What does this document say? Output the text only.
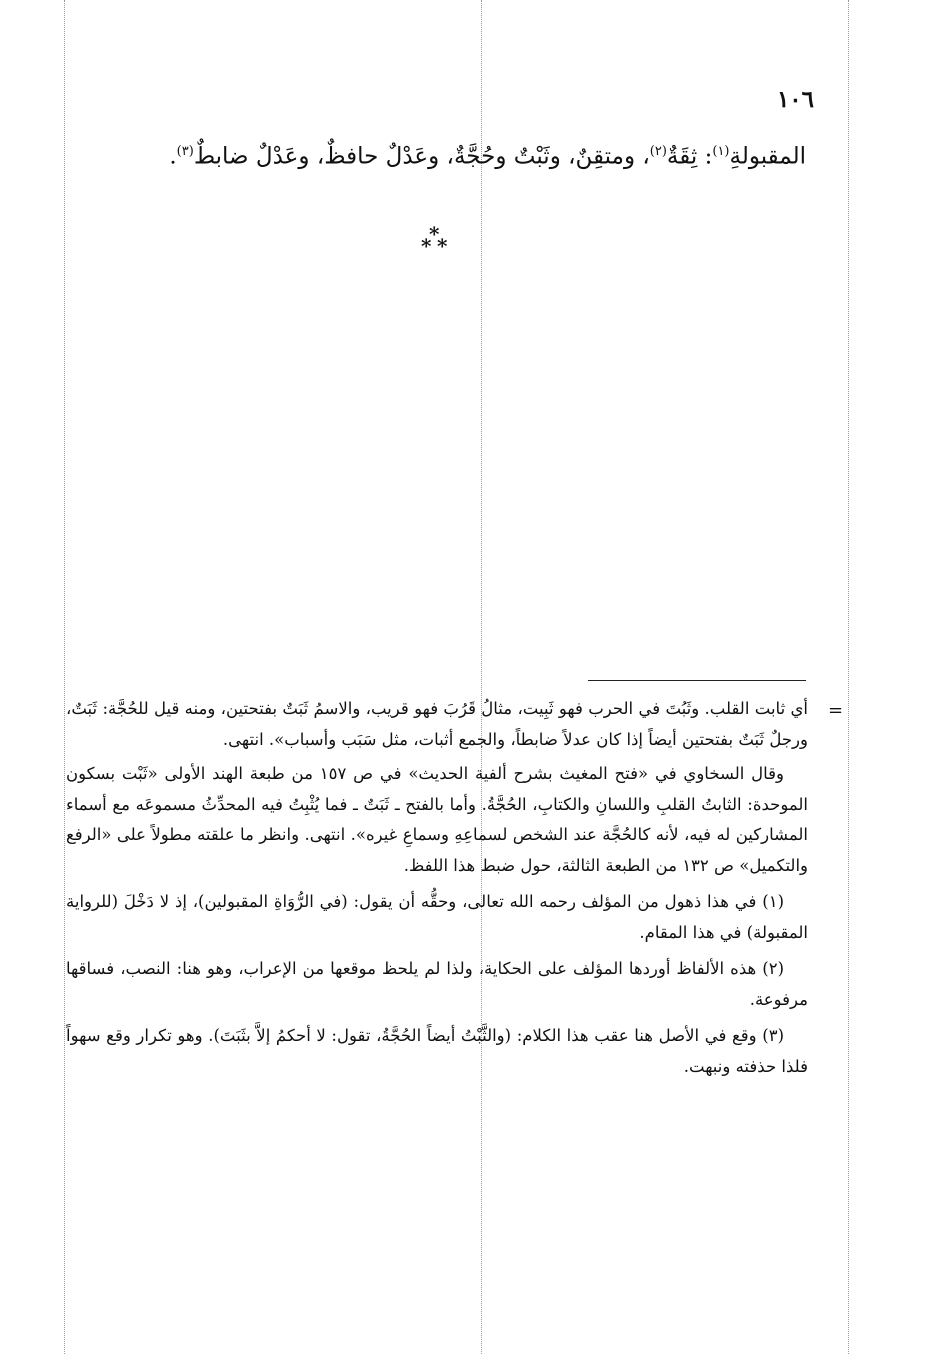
١٠٦
المقبولةِ$^{(١)}$: ثِقَةٌ$^{(٢)}$، ومتقِنٌ، وثَبْتٌ وحُجَّةٌ، وعَدْلٌ حافظٌ، وعَدْلٌ ضابطٌ$^{(٣)}$.
*
* *
=

أي ثابت القلب. وثَبُتَ في الحرب فهو ثَبِيت، مثالُ قَرُبَ فهو قريب، والاسمُ ثَبَتٌ بفتحتين، ومنه قيل للحُجَّة: ثَبَتٌ، ورجلٌ ثَبَتٌ بفتحتين أيضاً إذا كان عدلاً ضابطاً، والجمع أثبات، مثل سَبَب وأسباب». انتهى.

وقال السخاوي في «فتح المغيث بشرح ألفية الحديث» في ص ١٥٧ من طبعة الهند الأولى «ثَبْت بسكون الموحدة: الثابتُ القلبِ واللسانِ والكتابِ، الحُجَّةُ. وأما بالفتح ـ ثَبَتٌ ـ فما يُثْبِتُ فيه المحدِّثُ مسموعَه مع أسماء المشاركين له فيه، لأنه كالحُجَّة عند الشخص لسماعِهِ وسماعِ غيره». انتهى. وانظر ما علقته مطولاً على «الرفع والتكميل» ص ١٣٢ من الطبعة الثالثة، حول ضبط هذا اللفظ.

(١) في هذا ذهول من المؤلف رحمه الله تعالى، وحقُّه أن يقول: (في الرُّوَاةِ المقبولين)، إذ لا دَخْلَ (للرواية المقبولة) في هذا المقام.

(٢) هذه الألفاظ أوردها المؤلف على الحكاية، ولذا لم يلحظ موقعها من الإعراب، وهو هنا: النصب، فساقها مرفوعة.

(٣) وقع في الأصل هنا عقب هذا الكلام: (والثَّبْتُ أيضاً الحُجَّةُ، تقول: لا أحكمُ إلاَّ بثَبَتَ). وهو تكرار وقع سهواً فلذا حذفته ونبهت.
